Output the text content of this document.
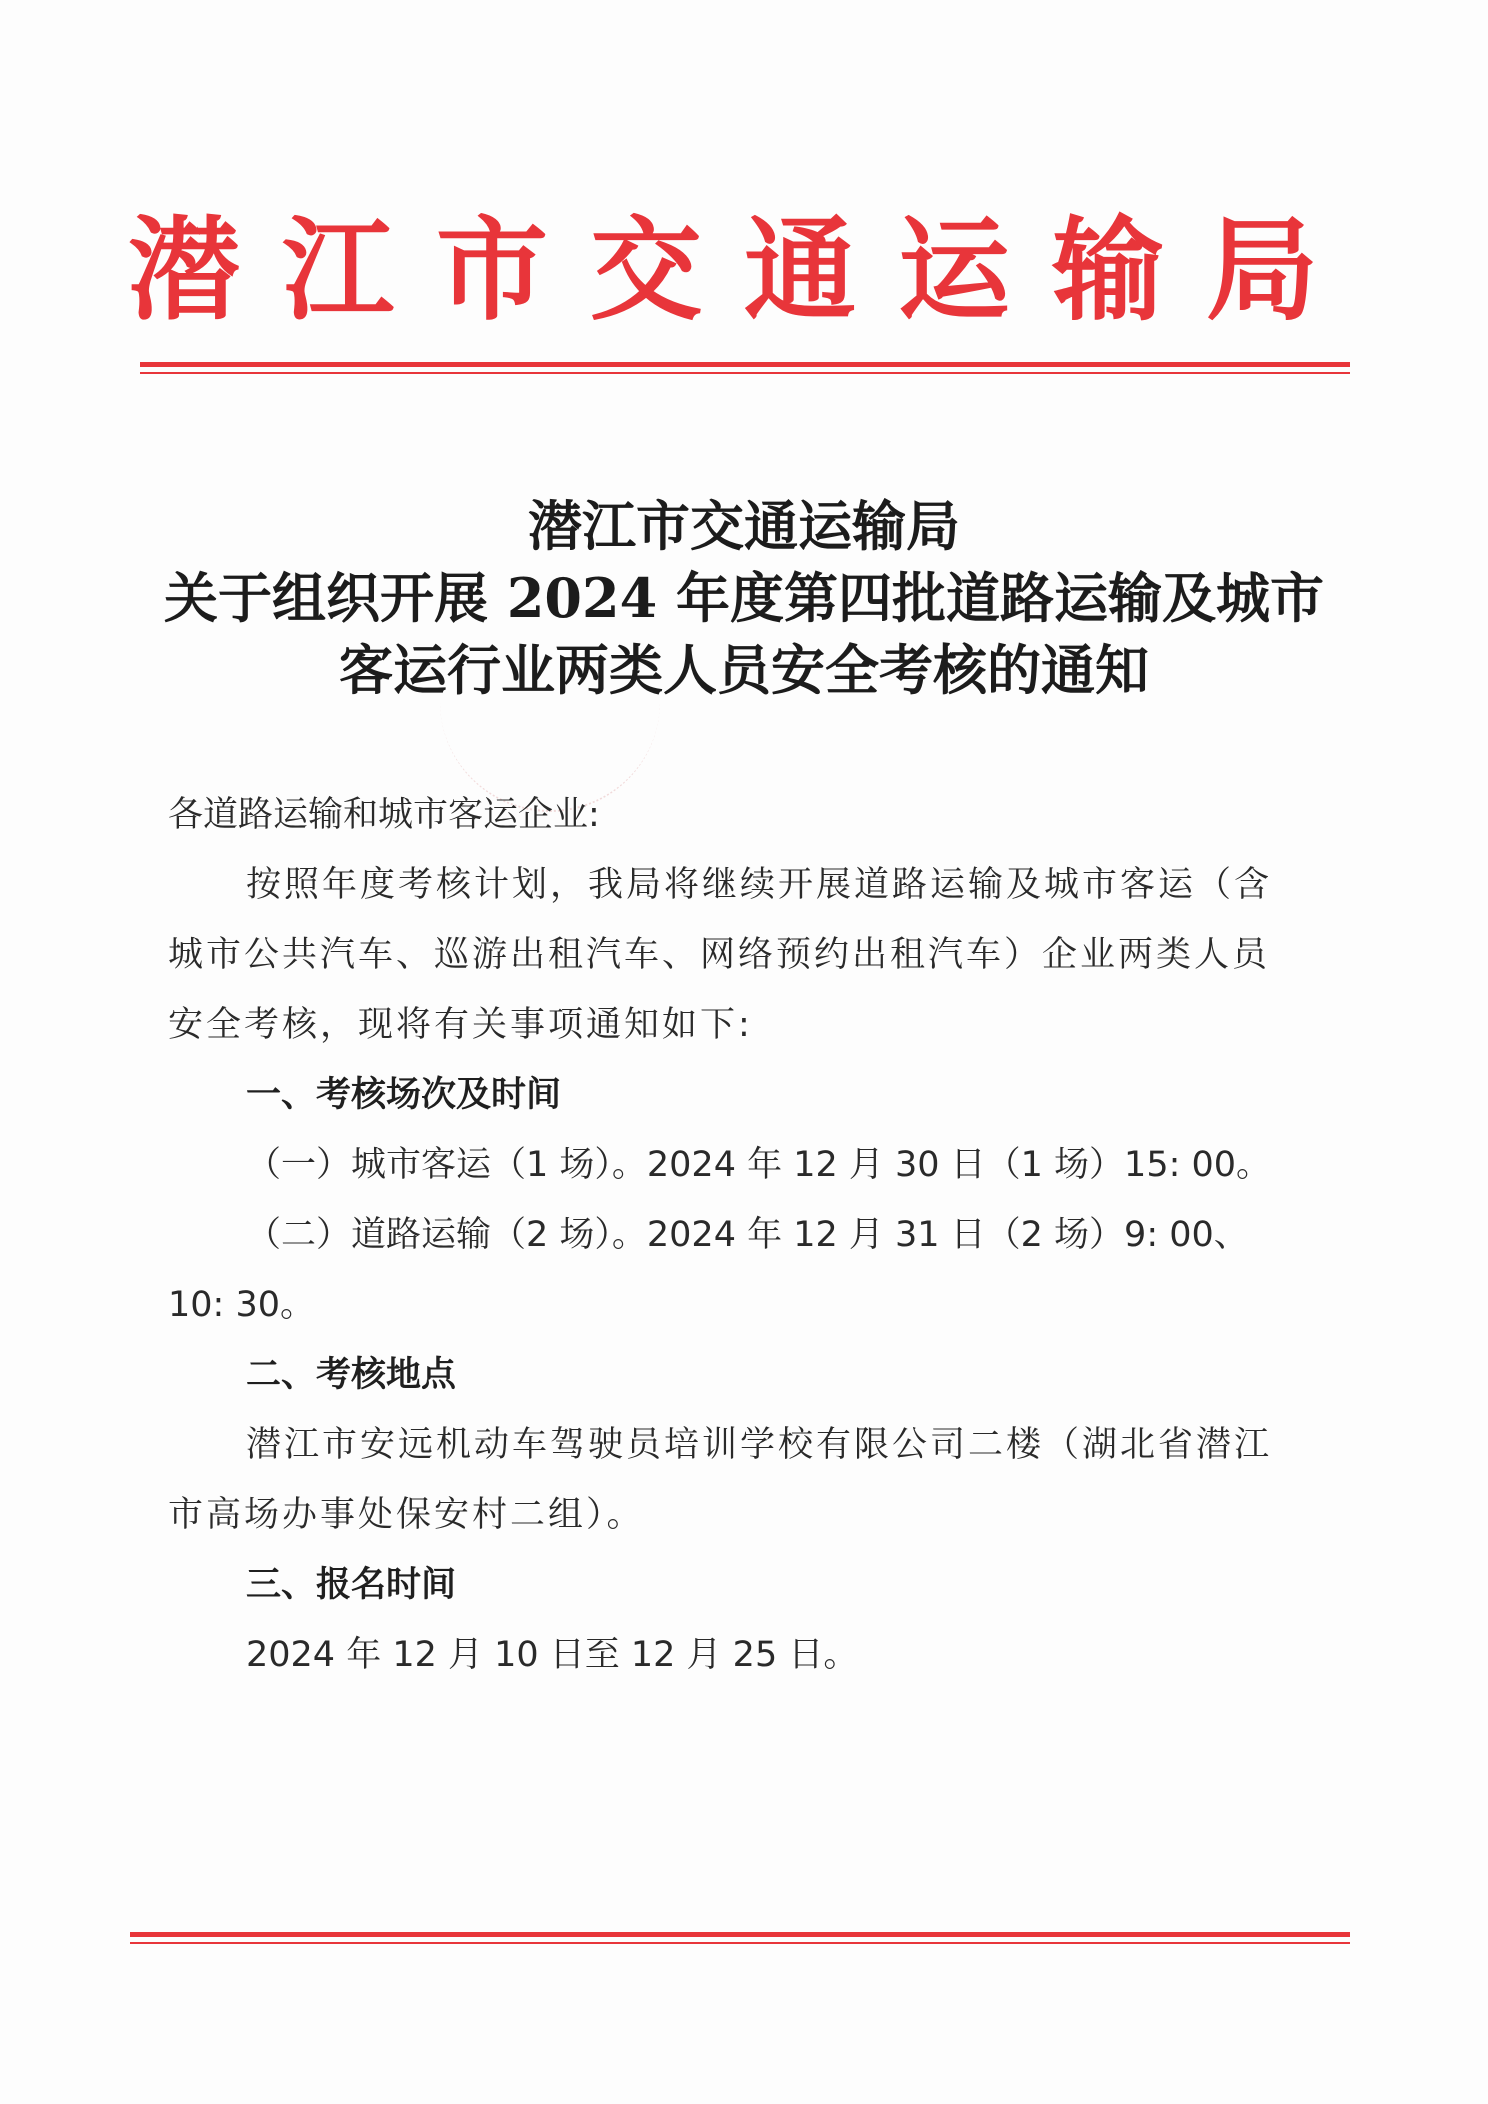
潜江市交通运输局
潜江市交通运输局
关于组织开展 2024 年度第四批道路运输及城市
客运行业两类人员安全考核的通知

各道路运输和城市客运企业:

按照年度考核计划，我局将继续开展道路运输及城市客运（含

城市公共汽车、巡游出租汽车、网络预约出租汽车）企业两类人员

安全考核，现将有关事项通知如下:

一、考核场次及时间

（一）城市客运（1 场）。2024 年 12 月 30 日（1 场）15: 00。

（二）道路运输（2 场）。2024 年 12 月 31 日（2 场）9: 00、

10: 30。

二、考核地点

潜江市安远机动车驾驶员培训学校有限公司二楼（湖北省潜江

市高场办事处保安村二组）。

三、报名时间

2024 年 12 月 10 日至 12 月 25 日。
